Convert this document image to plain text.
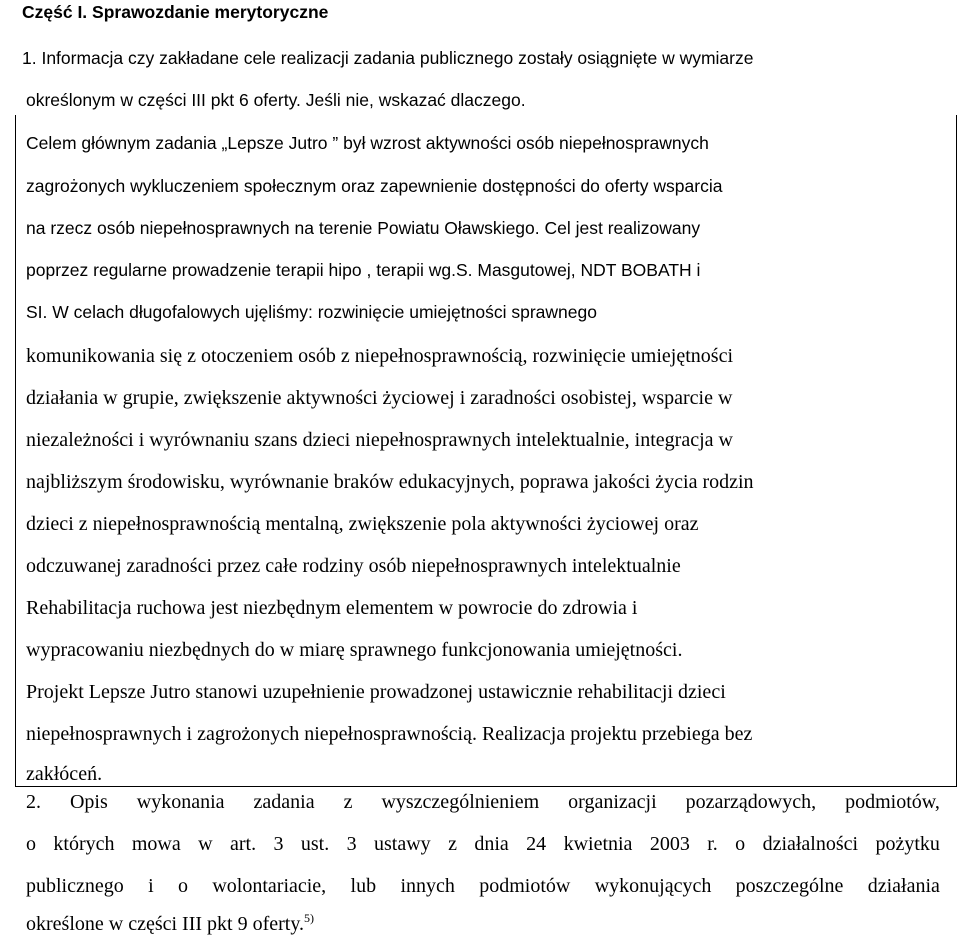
Część I. Sprawozdanie merytoryczne
1. Informacja czy zakładane cele realizacji zadania publicznego zostały osiągnięte w wymiarze
określonym w części III pkt 6 oferty. Jeśli nie, wskazać dlaczego.
Celem głównym zadania „Lepsze Jutro ” był wzrost aktywności osób niepełnosprawnych
zagrożonych wykluczeniem społecznym oraz zapewnienie dostępności do oferty wsparcia
na rzecz osób niepełnosprawnych na terenie Powiatu Oławskiego. Cel jest realizowany
poprzez regularne prowadzenie terapii hipo , terapii wg.S. Masgutowej, NDT BOBATH i
SI. W celach długofalowych ujęliśmy: rozwinięcie umiejętności sprawnego
komunikowania się z otoczeniem osób z niepełnosprawnością, rozwinięcie umiejętności
działania w grupie, zwiększenie aktywności życiowej i zaradności osobistej, wsparcie w
niezależności i wyrównaniu szans dzieci niepełnosprawnych intelektualnie, integracja w
najbliższym środowisku, wyrównanie braków edukacyjnych, poprawa jakości życia rodzin
dzieci z niepełnosprawnością mentalną, zwiększenie pola aktywności życiowej oraz
odczuwanej zaradności przez całe rodziny osób niepełnosprawnych intelektualnie
Rehabilitacja ruchowa jest niezbędnym elementem w powrocie do zdrowia i
wypracowaniu niezbędnych do w miarę sprawnego funkcjonowania umiejętności.
Projekt Lepsze Jutro stanowi uzupełnienie prowadzonej ustawicznie rehabilitacji dzieci
niepełnosprawnych i zagrożonych niepełnosprawnością. Realizacja projektu przebiega bez
zakłóceń.
2. Opis wykonania zadania z wyszczególnieniem organizacji pozarządowych, podmiotów,
o których mowa w art. 3 ust. 3 ustawy z dnia 24 kwietnia 2003 r. o działalności pożytku
publicznego i o wolontariacie, lub innych podmiotów wykonujących poszczególne działania
określone w części III pkt 9 oferty.$^{5)}$
